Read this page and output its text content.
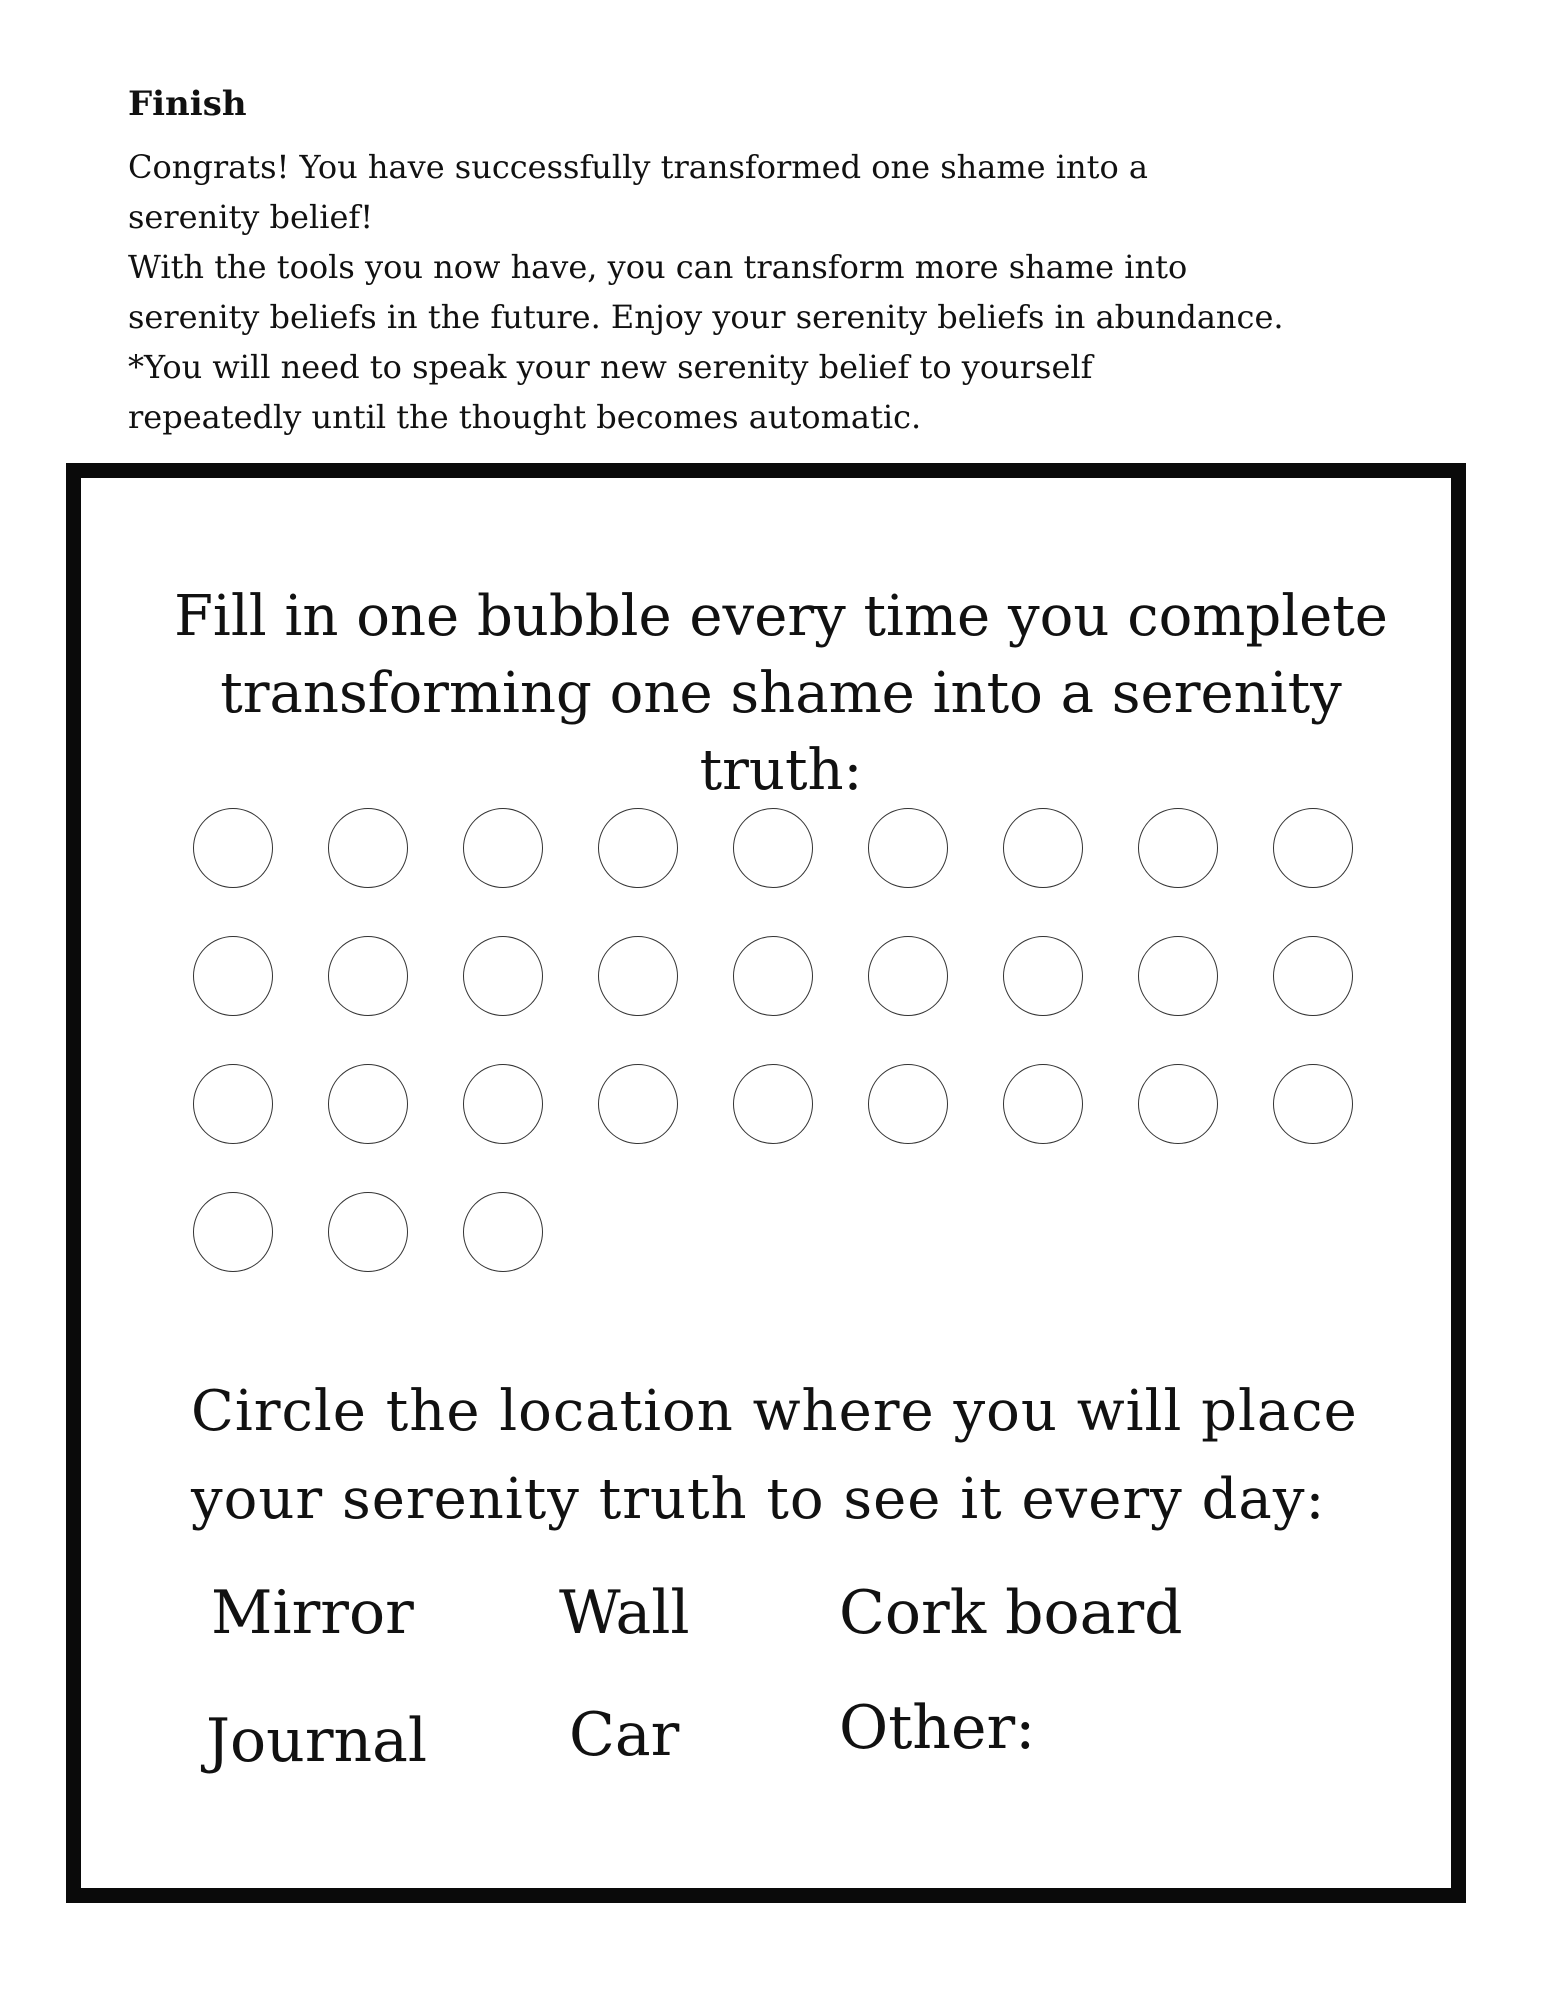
Finish

Congrats! You have successfully transformed one shame into a
serenity belief!

With the tools you now have, you can transform more shame into
serenity beliefs in the future. Enjoy your serenity beliefs in abundance.

*You will need to speak your new serenity belief to yourself
repeatedly until the thought becomes automatic.

Fill in one bubble every time you complete transforming one shame into a serenity truth:

Circle the location where you will place your serenity truth to see it every day:

Mirror Wall Cork board
Journal Car	Other:
